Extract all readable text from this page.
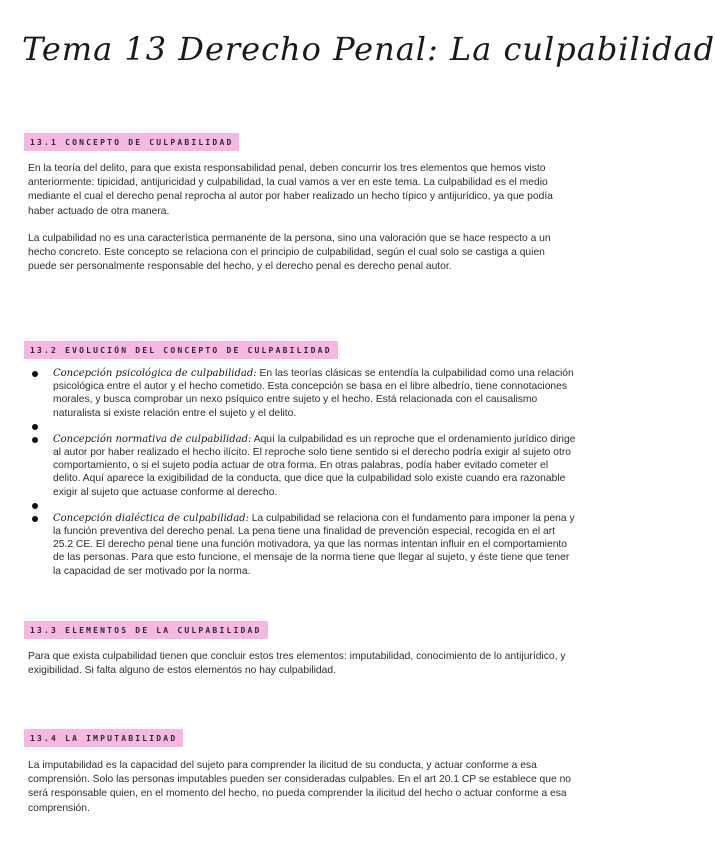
Tema 13 Derecho Penal: La culpabilidad
13.1 CONCEPTO DE CULPABILIDAD

En la teoría del delito, para que exista responsabilidad penal, deben concurrir los tres elementos que hemos visto anteriormente: tipicidad, antijuricidad y culpabilidad, la cual vamos a ver en este tema. La culpabilidad es el medio mediante el cual el derecho penal reprocha al autor por haber realizado un hecho típico y antijurídico, ya que podía haber actuado de otra manera.

La culpabilidad no es una característica permanente de la persona, sino una valoración que se hace respecto a un hecho concreto. Este concepto se relaciona con el principio de culpabilidad, según el cual solo se castiga a quien puede ser personalmente responsable del hecho, y el derecho penal es derecho penal autor.

13.2 EVOLUCIÓN DEL CONCEPTO DE CULPABILIDAD
Concepción psicológica de culpabilidad: En las teorías clásicas se entendía la culpabilidad como una relación psicológica entre el autor y el hecho cometido. Esta concepción se basa en el libre albedrío, tiene connotaciones morales, y busca comprobar un nexo psíquico entre sujeto y el hecho. Está relacionada con el causalismo naturalista si existe relación entre el sujeto y el delito.
Concepción normativa de culpabilidad: Aquí la culpabilidad es un reproche que el ordenamiento jurídico dirige al autor por haber realizado el hecho ilícito. El reproche solo tiene sentido si el derecho podría exigir al sujeto otro comportamiento, o si el sujeto podía actuar de otra forma. En otras palabras, podía haber evitado cometer el delito. Aquí aparece la exigibilidad de la conducta, que dice que la culpabilidad solo existe cuando era razonable exigir al sujeto que actuase conforme al derecho.
Concepción dialéctica de culpabilidad: La culpabilidad se relaciona con el fundamento para imponer la pena y la función preventiva del derecho penal. La pena tiene una finalidad de prevención especial, recogida en el art 25.2 CE. El derecho penal tiene una función motivadora, ya que las normas intentan influir en el comportamiento de las personas. Para que esto funcione, el mensaje de la norma tiene que llegar al sujeto, y éste tiene que tener la capacidad de ser motivado por la norma.
13.3 ELEMENTOS DE LA CULPABILIDAD

Para que exista culpabilidad tienen que concluir estos tres elementos: imputabilidad, conocimiento de lo antijurídico, y exigibilidad. Si falta alguno de estos elementos no hay culpabilidad.

13.4 LA IMPUTABILIDAD

La imputabilidad es la capacidad del sujeto para comprender la ilicitud de su conducta, y actuar conforme a esa comprensión. Solo las personas imputables pueden ser consideradas culpables. En el art 20.1 CP se establece que no será responsable quien, en el momento del hecho, no pueda comprender la ilicitud del hecho o actuar conforme a esa comprensión.
